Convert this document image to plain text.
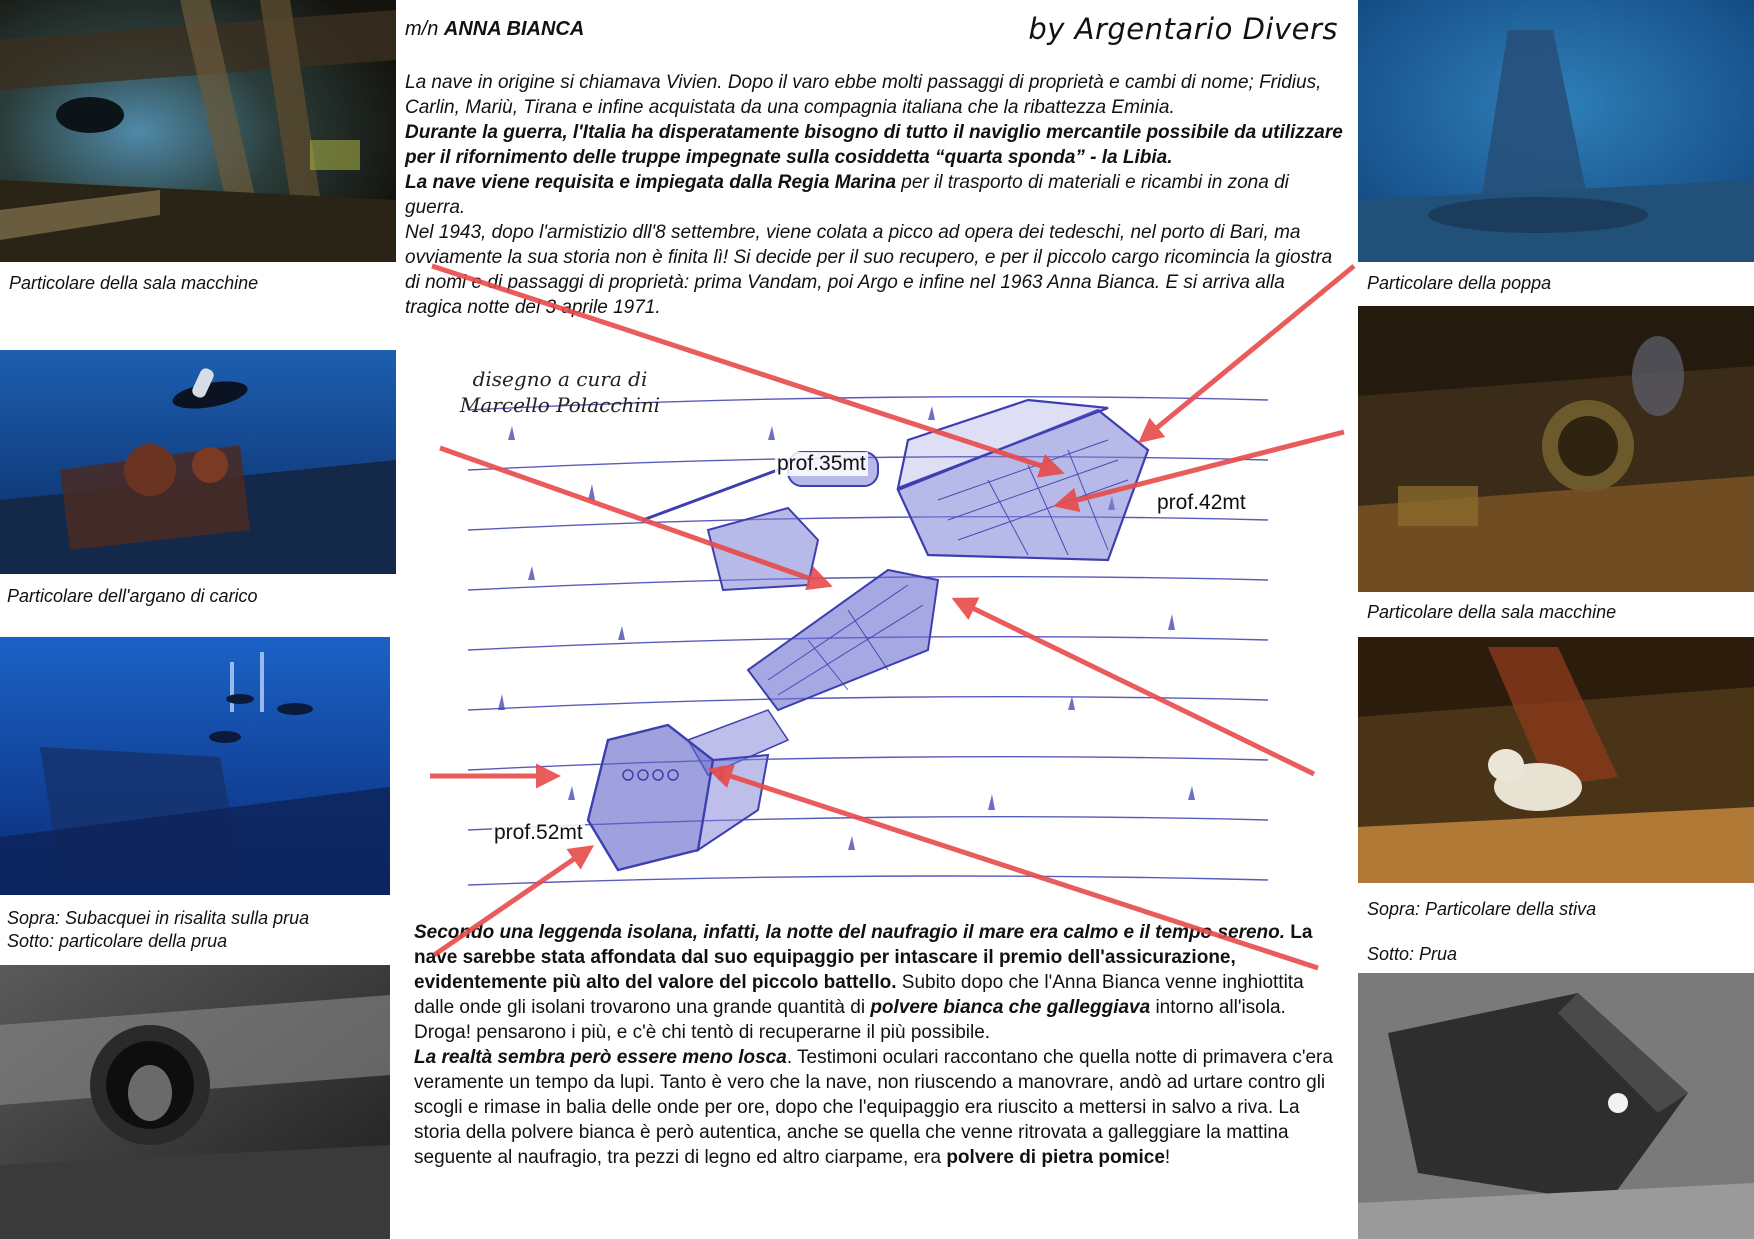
Particolare della sala macchine
Particolare dell'argano di carico
Sopra: Subacquei in risalita sulla prua
Sotto: particolare della prua
Particolare della poppa
Particolare della sala macchine
Sopra: Particolare della stiva
Sotto: Prua
m/n ANNA BIANCA	by Argentario Divers

La nave in origine si chiamava Vivien. Dopo il varo ebbe molti passaggi di proprietà e cambi di nome; Fridius, Carlin, Mariù, Tirana e infine acquistata da una compagnia italiana che la ribattezza Eminia.

Durante la guerra, l'Italia ha disperatamente bisogno di tutto il naviglio mercantile possibile da utilizzare per il rifornimento delle truppe impegnate sulla cosiddetta “quarta sponda” - la Libia.

La nave viene requisita e impiegata dalla Regia Marina per il trasporto di materiali e ricambi in zona di guerra.

Nel 1943, dopo l'armistizio dll'8 settembre, viene colata a picco ad opera dei tedeschi, nel porto di Bari, ma ovviamente la sua storia non è finita lì! Si decide per il suo recupero, e per il piccolo cargo ricomincia la giostra di nomi e di passaggi di proprietà: prima Vandam, poi Argo e infine nel 1963 Anna Bianca. E si arriva alla tragica notte del 3 aprile 1971.

disegno a cura di
Marcello Polacchini
prof.35mt
prof.42mt
prof.52mt

Secondo una leggenda isolana, infatti, la notte del naufragio il mare era calmo e il tempo sereno. La nave sarebbe stata affondata dal suo equipaggio per intascare il premio dell'assicurazione, evidentemente più alto del valore del piccolo battello. Subito dopo che l'Anna Bianca venne inghiottita dalle onde gli isolani trovarono una grande quantità di polvere bianca che galleggiava intorno all'isola. Droga! pensarono i più, e c'è chi tentò di recuperarne il più possibile.

La realtà sembra però essere meno losca. Testimoni oculari raccontano che quella notte di primavera c'era veramente un tempo da lupi. Tanto è vero che la nave, non riuscendo a manovrare, andò ad urtare contro gli scogli e rimase in balia delle onde per ore, dopo che l'equipaggio era riuscito a mettersi in salvo a riva. La storia della polvere bianca è però autentica, anche se quella che venne ritrovata a galleggiare la mattina seguente al naufragio, tra pezzi di legno ed altro ciarpame, era polvere di pietra pomice!
